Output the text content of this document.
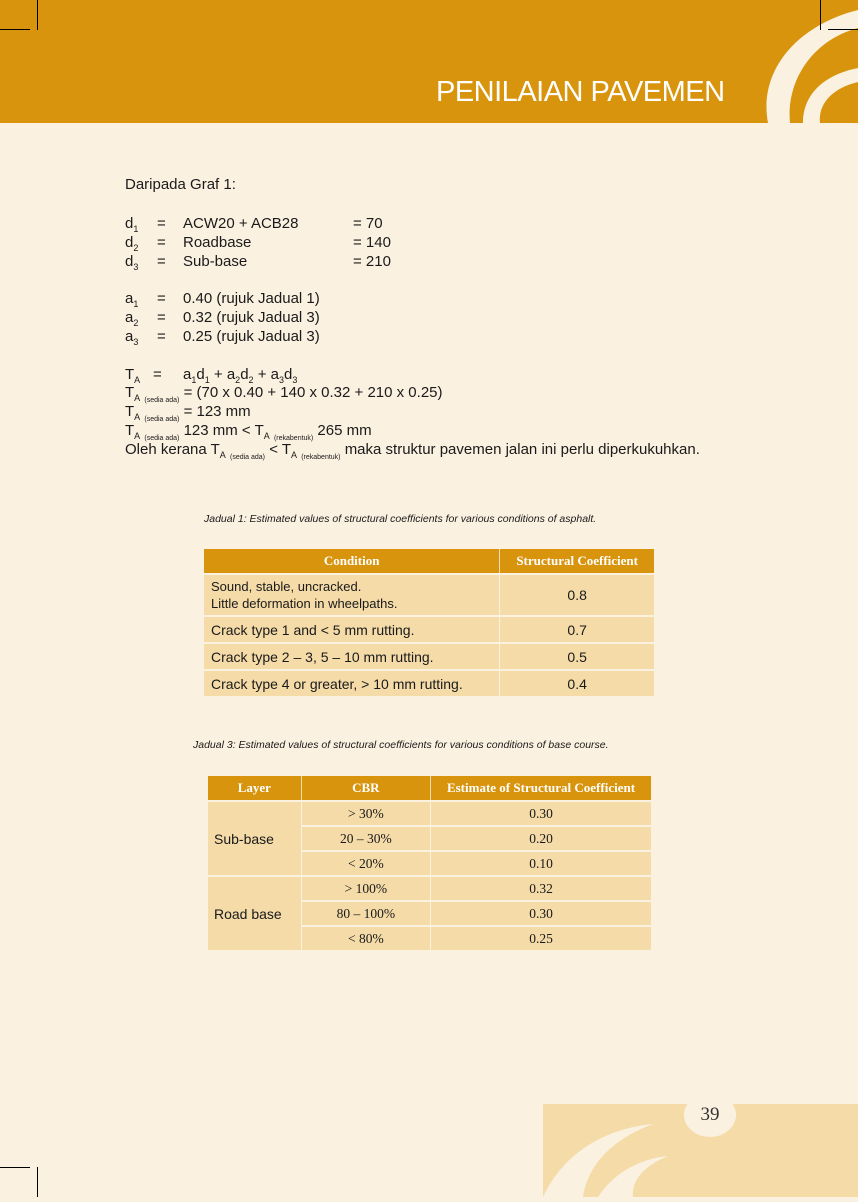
PENILAIAN PAVEMEN
Daripada Graf 1:
$d_1 = ACW20 + ACB28$	= 70
$d_2$ = Roadbase	= 140
$d_3$ = Sub-base	= 210
$a_1 = 0.40$ (rujuk Jadual 1)
$a_2 = 0.32$ (rujuk Jadual 3)
$a_3 = 0.25$ (rujuk Jadual 3)
$T_A = a_1d_1 + a_2d_2 + a_3d_3$
$T_A$ $_{(sedia ada)}$ = (70 x 0.40 + 140 x 0.32 + 210 x 0.25)
$T_A$ $_{(sedia ada)}$ = 123 mm
$T_A$ $_{(sedia ada)}$ 123 mm < $T_A$ $_{(rekabentuk)}$ 265 mm
Oleh kerana $T_A$ $_{(sedia ada)} < T_A$ $_{(rekabentuk)}$ maka struktur pavemen jalan ini perlu diperkukuhkan.
Jadual 1: Estimated values of structural coefficients for various conditions of asphalt.
Condition	Structural Coefficient

Sound, stable, uncracked.
Little deformation in wheelpaths.	0.8
Crack type 1 and < 5 mm rutting.	0.7
Crack type 2 – 3, 5 – 10 mm rutting.	0.5
Crack type 4 or greater, > 10 mm rutting.	0.4
Jadual 3: Estimated values of structural coefficients for various conditions of base course.
Layer	CBR	Estimate of Structural Coefficient
Sub-base	> 30%	0.30
	20 – 30%	0.20
	< 20%	0.10
Road base	> 100%	0.32
	80 – 100%	0.30
	< 80%	0.25
39
